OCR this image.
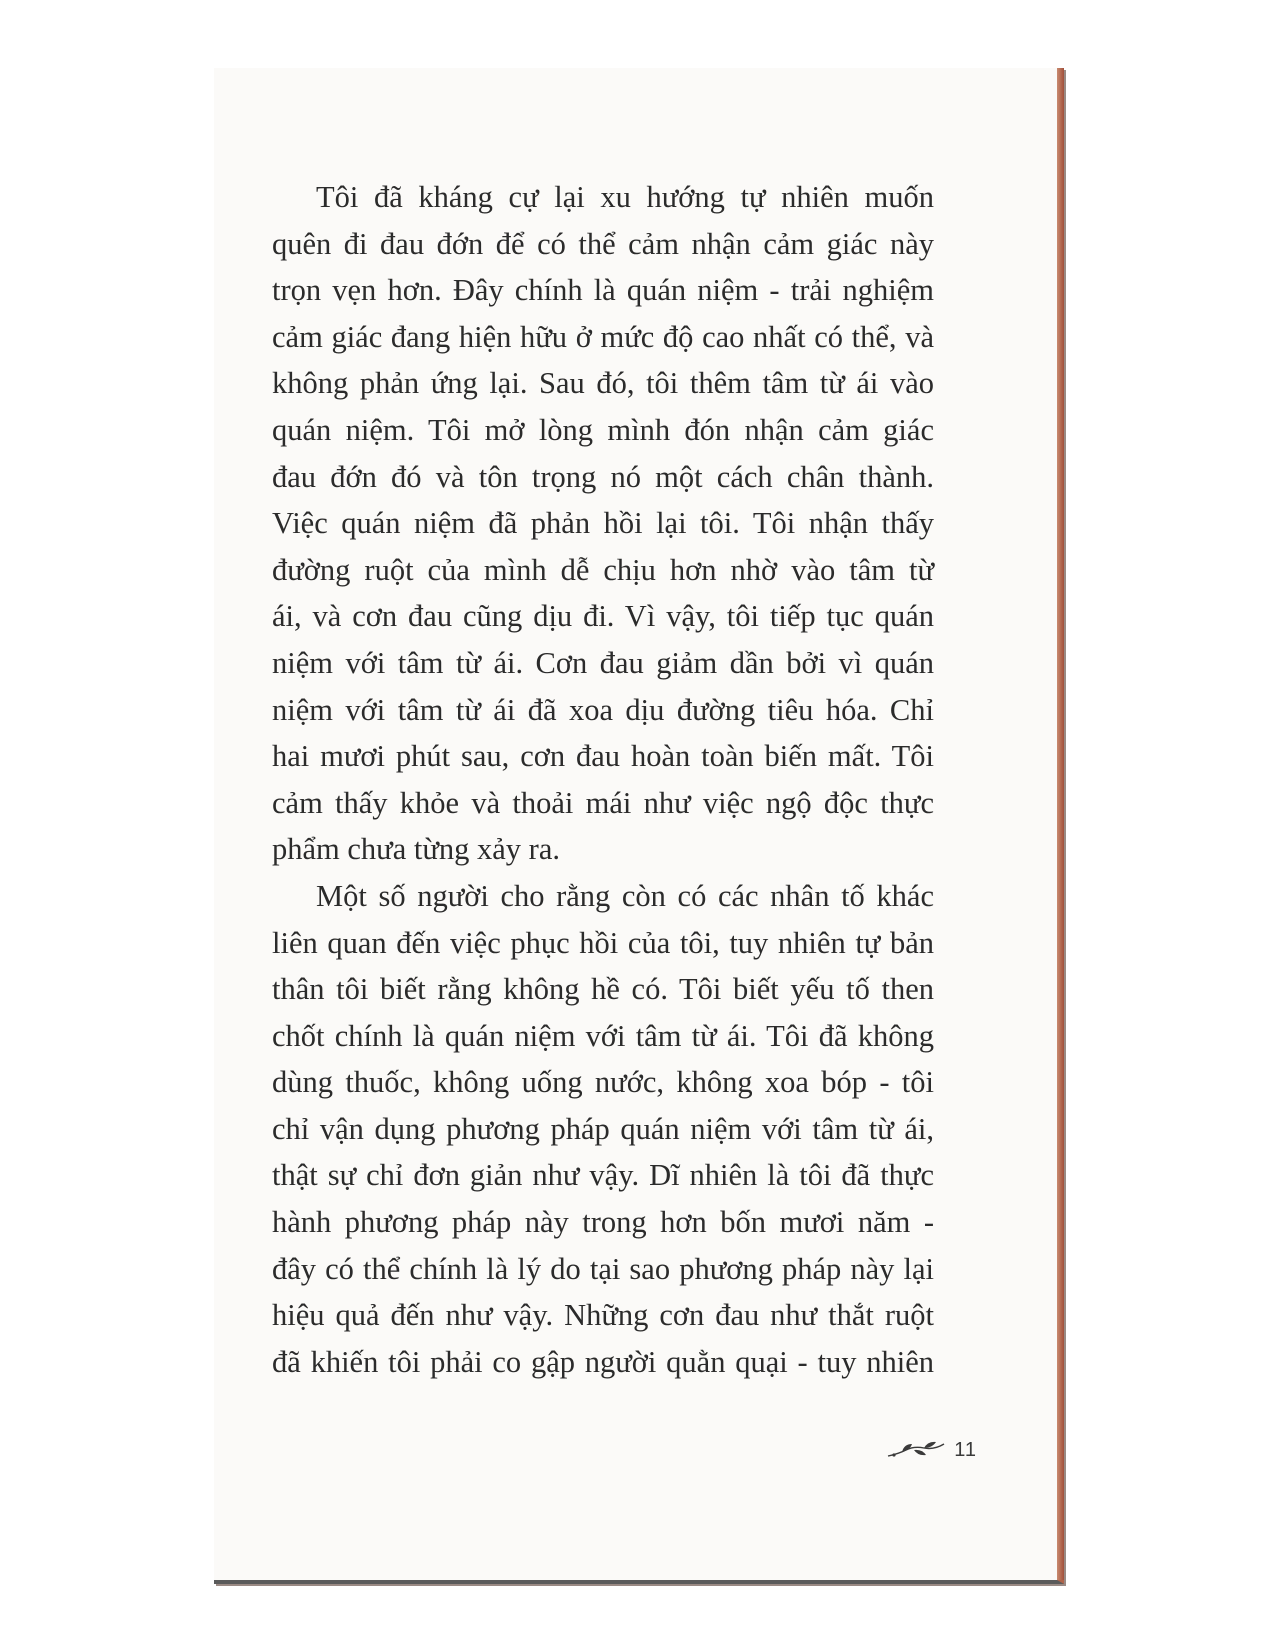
Tôi đã kháng cự lại xu hướng tự nhiên muốn
quên đi đau đớn để có thể cảm nhận cảm giác này
trọn vẹn hơn. Đây chính là quán niệm - trải nghiệm
cảm giác đang hiện hữu ở mức độ cao nhất có thể, và
không phản ứng lại. Sau đó, tôi thêm tâm từ ái vào
quán niệm. Tôi mở lòng mình đón nhận cảm giác
đau đớn đó và tôn trọng nó một cách chân thành.
Việc quán niệm đã phản hồi lại tôi. Tôi nhận thấy
đường ruột của mình dễ chịu hơn nhờ vào tâm từ
ái, và cơn đau cũng dịu đi. Vì vậy, tôi tiếp tục quán
niệm với tâm từ ái. Cơn đau giảm dần bởi vì quán
niệm với tâm từ ái đã xoa dịu đường tiêu hóa. Chỉ
hai mươi phút sau, cơn đau hoàn toàn biến mất. Tôi
cảm thấy khỏe và thoải mái như việc ngộ độc thực
phẩm chưa từng xảy ra.

Một số người cho rằng còn có các nhân tố khác
liên quan đến việc phục hồi của tôi, tuy nhiên tự bản
thân tôi biết rằng không hề có. Tôi biết yếu tố then
chốt chính là quán niệm với tâm từ ái. Tôi đã không
dùng thuốc, không uống nước, không xoa bóp - tôi
chỉ vận dụng phương pháp quán niệm với tâm từ ái,
thật sự chỉ đơn giản như vậy. Dĩ nhiên là tôi đã thực
hành phương pháp này trong hơn bốn mươi năm -
đây có thể chính là lý do tại sao phương pháp này lại
hiệu quả đến như vậy. Những cơn đau như thắt ruột
đã khiến tôi phải co gập người quằn quại - tuy nhiên

11
